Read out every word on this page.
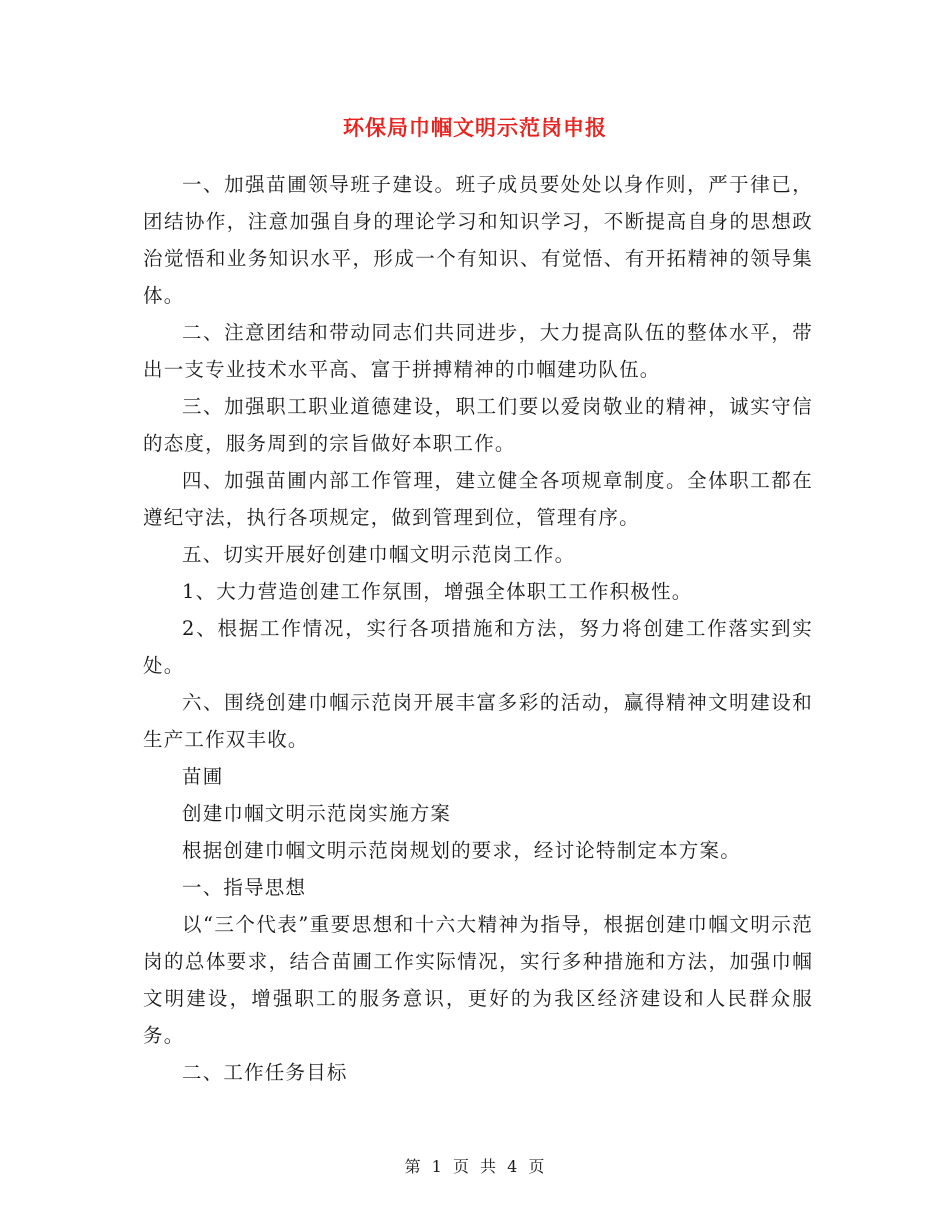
环保局巾帼文明示范岗申报

一、加强苗圃领导班子建设。班子成员要处处以身作则，严于律已，团结协作，注意加强自身的理论学习和知识学习，不断提高自身的思想政治觉悟和业务知识水平，形成一个有知识、有觉悟、有开拓精神的领导集体。

二、注意团结和带动同志们共同进步，大力提高队伍的整体水平，带出一支专业技术水平高、富于拼搏精神的巾帼建功队伍。

三、加强职工职业道德建设，职工们要以爱岗敬业的精神，诚实守信的态度，服务周到的宗旨做好本职工作。

四、加强苗圃内部工作管理，建立健全各项规章制度。全体职工都在遵纪守法，执行各项规定，做到管理到位，管理有序。

五、切实开展好创建巾帼文明示范岗工作。

1、大力营造创建工作氛围，增强全体职工工作积极性。

2、根据工作情况，实行各项措施和方法，努力将创建工作落实到实处。

六、围绕创建巾帼示范岗开展丰富多彩的活动，赢得精神文明建设和生产工作双丰收。

苗圃

创建巾帼文明示范岗实施方案

根据创建巾帼文明示范岗规划的要求，经讨论特制定本方案。

一、指导思想

以“三个代表”重要思想和十六大精神为指导，根据创建巾帼文明示范岗的总体要求，结合苗圃工作实际情况，实行多种措施和方法，加强巾帼文明建设，增强职工的服务意识，更好的为我区经济建设和人民群众服务。

二、工作任务目标

第 1 页 共 4 页
